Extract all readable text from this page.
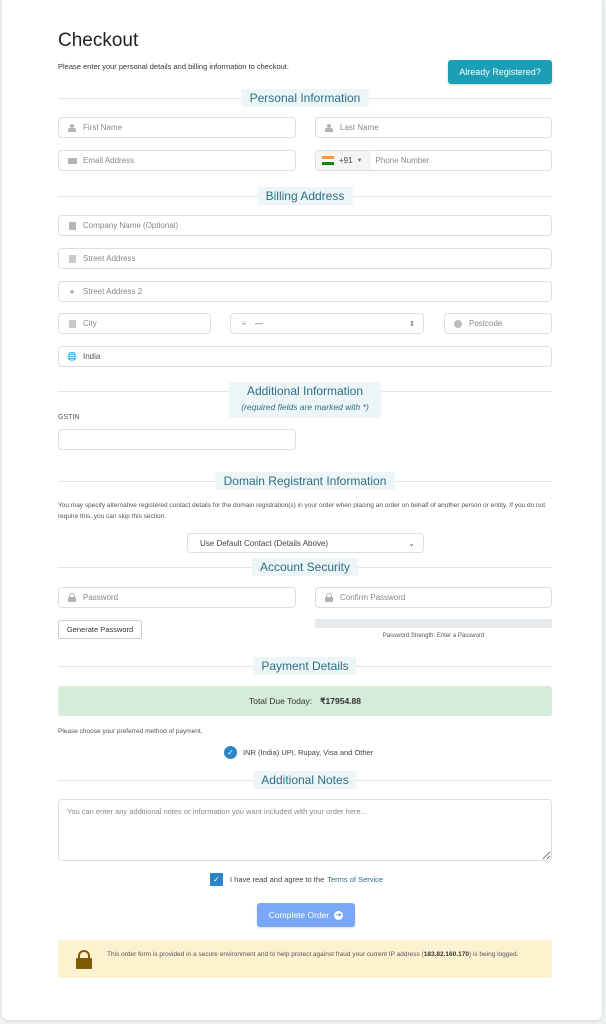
Checkout
Please enter your personal details and billing information to checkout.
Already Registered?
Personal Information
First Name	Last Name
Email Address	+91 ▼ Phone Number
Billing Address
Company Name (Optional)
Street Address
●	Street Address 2
City	≡	—	⇕	Postcode
🌐 India
Additional Information
(required fields are marked with *)
GSTIN
Domain Registrant Information
You may specify alternative registered contact details for the domain registration(s) in your order when placing an order on behalf of another person or entity. If you do not require this, you can skip this section.
Use Default Contact (Details Above)	⌄
Account Security
Password	Confirm Password
Generate Password
Password Strength: Enter a Password
Payment Details
Total Due Today: ₹17954.88
Please choose your preferred method of payment.
✓	INR (India) UPI, Rupay, Visa and Other
Additional Notes
You can enter any additional notes or information you want included with your order here...
✓	I have read and agree to the Terms of Service
Complete Order ➜
This order form is provided in a secure environment and to help protect against fraud your current IP address (183.82.160.170) is being logged.
